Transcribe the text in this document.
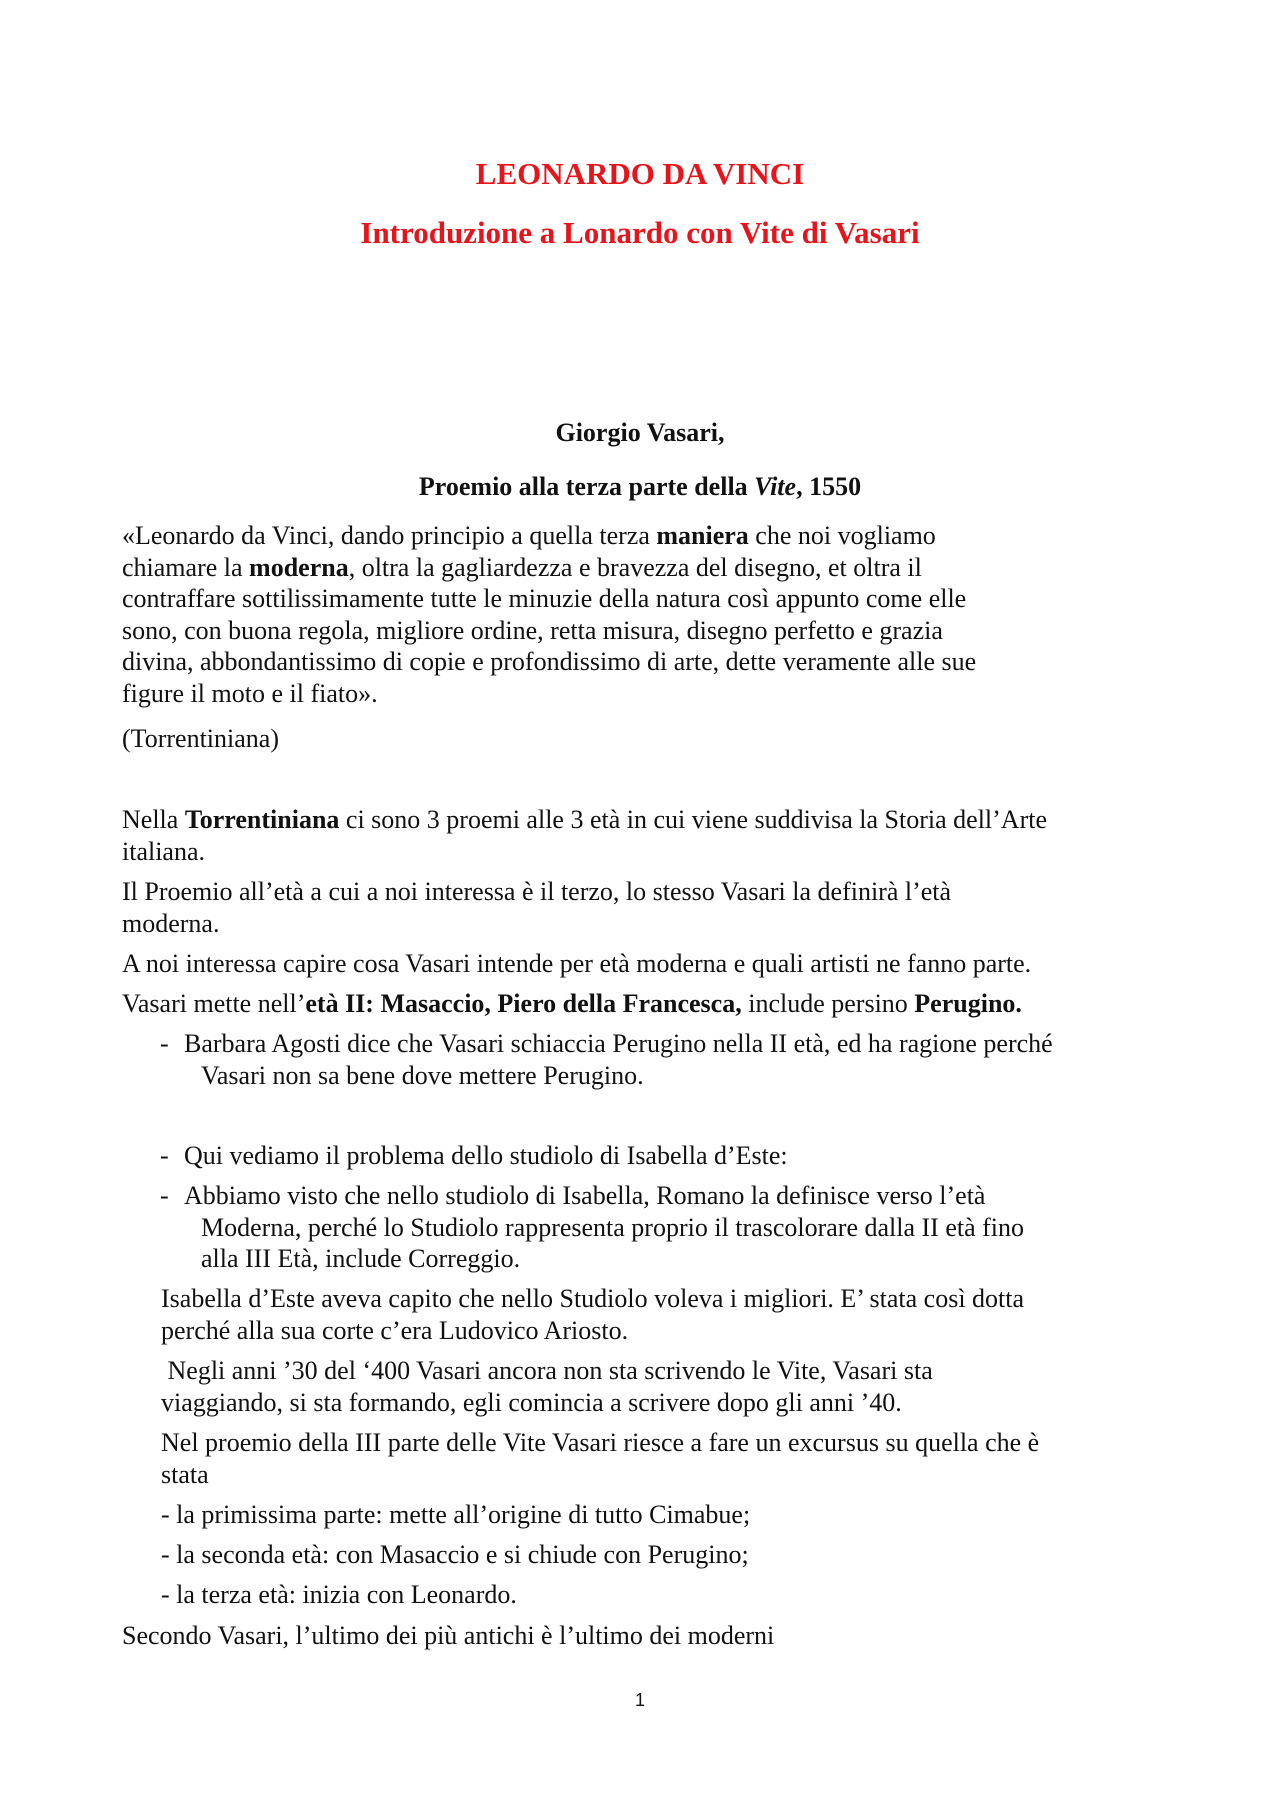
LEONARDO DA VINCI
Introduzione a Lonardo con Vite di Vasari
Giorgio Vasari,
Proemio alla terza parte della Vite, 1550
«Leonardo da Vinci, dando principio a quella terza maniera che noi vogliamo
chiamare la moderna, oltra la gagliardezza e bravezza del disegno, et oltra il
contraffare sottilissimamente tutte le minuzie della natura così appunto come elle
sono, con buona regola, migliore ordine, retta misura, disegno perfetto e grazia
divina, abbondantissimo di copie e profondissimo di arte, dette veramente alle sue
figure il moto e il fiato».
(Torrentiniana)
Nella Torrentiniana ci sono 3 proemi alle 3 età in cui viene suddivisa la Storia dell’Arte
italiana.
Il Proemio all’età a cui a noi interessa è il terzo, lo stesso Vasari la definirà l’età
moderna.
A noi interessa capire cosa Vasari intende per età moderna e quali artisti ne fanno parte.
Vasari mette nell’età II: Masaccio, Piero della Francesca, include persino Perugino.
- Barbara Agosti dice che Vasari schiaccia Perugino nella II età, ed ha ragione perché
Vasari non sa bene dove mettere Perugino.
- Qui vediamo il problema dello studiolo di Isabella d’Este:
- Abbiamo visto che nello studiolo di Isabella, Romano la definisce verso l’età
Moderna, perché lo Studiolo rappresenta proprio il trascolorare dalla II età fino
alla III Età, include Correggio.
Isabella d’Este aveva capito che nello Studiolo voleva i migliori. E’ stata così dotta
perché alla sua corte c’era Ludovico Ariosto.
Negli anni ’30 del ‘400 Vasari ancora non sta scrivendo le Vite, Vasari sta
viaggiando, si sta formando, egli comincia a scrivere dopo gli anni ’40.
Nel proemio della III parte delle Vite Vasari riesce a fare un excursus su quella che è
stata
- la primissima parte: mette all’origine di tutto Cimabue;
- la seconda età: con Masaccio e si chiude con Perugino;
- la terza età: inizia con Leonardo.
Secondo Vasari, l’ultimo dei più antichi è l’ultimo dei moderni
1
